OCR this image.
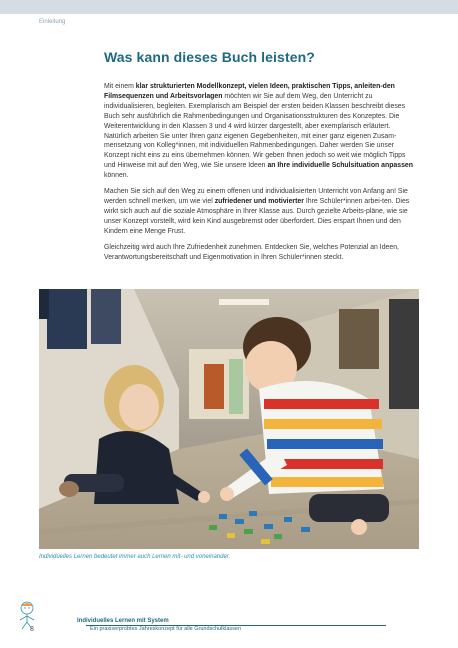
Einleitung
Was kann dieses Buch leisten?

Mit einem klar strukturierten Modellkonzept, vielen Ideen, praktischen Tipps, anleiten-den Filmsequenzen und Arbeitsvorlagen möchten wir Sie auf dem Weg, den Unterricht zu individualisieren, begleiten. Exemplarisch am Beispiel der ersten beiden Klassen beschreibt dieses Buch sehr ausführlich die Rahmenbedingungen und Organisationsstrukturen des Konzeptes. Die Weiterentwicklung in den Klassen 3 und 4 wird kürzer dargestellt, aber exemplarisch erläutert. Natürlich arbeiten Sie unter Ihren ganz eigenen Gegebenheiten, mit einer ganz eigenen Zusam-mensetzung von Kolleg*innen, mit individuellen Rahmenbedingungen. Daher werden Sie unser Konzept nicht eins zu eins übernehmen können. Wir geben Ihnen jedoch so weit wie möglich Tipps und Hinweise mit auf den Weg, wie Sie unsere Ideen an Ihre individuelle Schulsituation anpassen können.

Machen Sie sich auf den Weg zu einem offenen und individualisierten Unterricht von Anfang an! Sie werden schnell merken, um wie viel zufriedener und motivierter Ihre Schüler*innen arbei-ten. Dies wirkt sich auch auf die soziale Atmosphäre in Ihrer Klasse aus. Durch gezielte Arbeits-pläne, wie sie unser Konzept vorstellt, wird kein Kind ausgebremst oder überfordert. Dies erspart Ihnen und den Kindern eine Menge Frust.

Gleichzeitig wird auch Ihre Zufriedenheit zunehmen. Entdecken Sie, welches Potenzial an Ideen, Verantwortungsbereitschaft und Eigenmotivation in Ihren Schüler*innen steckt.

Individuelles Lernen bedeutet immer auch Lernen mit- und voneinander.
8
Individuelles Lernen mit System
Ein praxiserprobtes Jahreskonzept für alle Grundschulklassen
